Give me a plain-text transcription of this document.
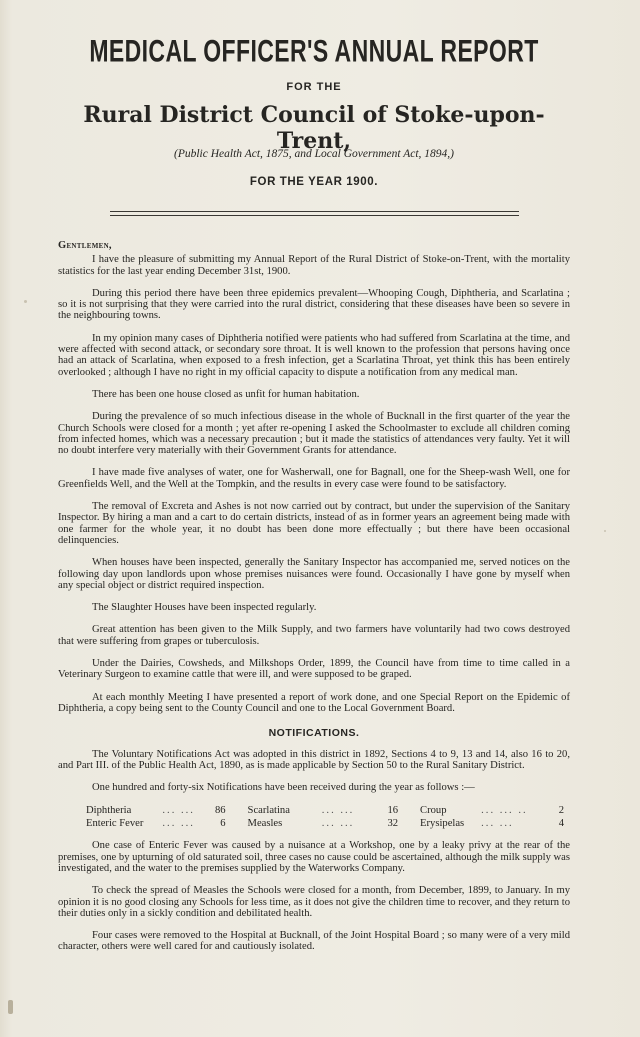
MEDICAL OFFICER'S ANNUAL REPORT
FOR THE
Rural District Council of Stoke-upon-Trent,
(Public Health Act, 1875, and Local Government Act, 1894,)
FOR THE YEAR 1900.
Gentlemen,

I have the pleasure of submitting my Annual Report of the Rural District of Stoke-on-Trent, with the mortality statistics for the last year ending December 31st, 1900.

During this period there have been three epidemics prevalent—Whooping Cough, Diphtheria, and Scarlatina ; so it is not surprising that they were carried into the rural district, considering that these diseases have been so severe in the neighbouring towns.

In my opinion many cases of Diphtheria notified were patients who had suffered from Scarlatina at the time, and were affected with second attack, or secondary sore throat. It is well known to the profession that persons having once had an attack of Scarlatina, when exposed to a fresh infection, get a Scarlatina Throat, yet think this has been entirely overlooked ; although I have no right in my official capacity to dispute a notification from any medical man.

There has been one house closed as unfit for human habitation.

During the prevalence of so much infectious disease in the whole of Bucknall in the first quarter of the year the Church Schools were closed for a month ; yet after re-opening I asked the Schoolmaster to exclude all children coming from infected homes, which was a necessary precaution ; but it made the statistics of attendances very faulty. Yet it will no doubt interfere very materially with their Government Grants for attendance.

I have made five analyses of water, one for Washerwall, one for Bagnall, one for the Sheep-wash Well, one for Greenfields Well, and the Well at the Tompkin, and the results in every case were found to be satisfactory.

The removal of Excreta and Ashes is not now carried out by contract, but under the supervision of the Sanitary Inspector. By hiring a man and a cart to do certain districts, instead of as in former years an agreement being made with one farmer for the whole year, it no doubt has been done more effectually ; but there have been occasional delinquencies.

When houses have been inspected, generally the Sanitary Inspector has accompanied me, served notices on the following day upon landlords upon whose premises nuisances were found. Occasionally I have gone by myself when any special object or district required inspection.

The Slaughter Houses have been inspected regularly.

Great attention has been given to the Milk Supply, and two farmers have voluntarily had two cows destroyed that were suffering from grapes or tuberculosis.

Under the Dairies, Cowsheds, and Milkshops Order, 1899, the Council have from time to time called in a Veterinary Surgeon to examine cattle that were ill, and were supposed to be graped.

At each monthly Meeting I have presented a report of work done, and one Special Report on the Epidemic of Diphtheria, a copy being sent to the County Council and one to the Local Government Board.

NOTIFICATIONS.

The Voluntary Notifications Act was adopted in this district in 1892, Sections 4 to 9, 13 and 14, also 16 to 20, and Part III. of the Public Health Act, 1890, as is made applicable by Section 50 to the Rural Sanitary District.

One hundred and forty-six Notifications have been received during the year as follows :—

Diphtheria	... ...	86	Scarlatina	... ...	16	Croup	... ... ..	2
Enteric Fever	... ...	6	Measles	... ...	32	Erysipelas	... ...	4

One case of Enteric Fever was caused by a nuisance at a Workshop, one by a leaky privy at the rear of the premises, one by upturning of old saturated soil, three cases no cause could be ascertained, although the milk supply was investigated, and the water to the premises supplied by the Waterworks Company.

To check the spread of Measles the Schools were closed for a month, from December, 1899, to January. In my opinion it is no good closing any Schools for less time, as it does not give the children time to recover, and they return to their duties only in a sickly condition and debilitated health.

Four cases were removed to the Hospital at Bucknall, of the Joint Hospital Board ; so many were of a very mild character, others were well cared for and cautiously isolated.
